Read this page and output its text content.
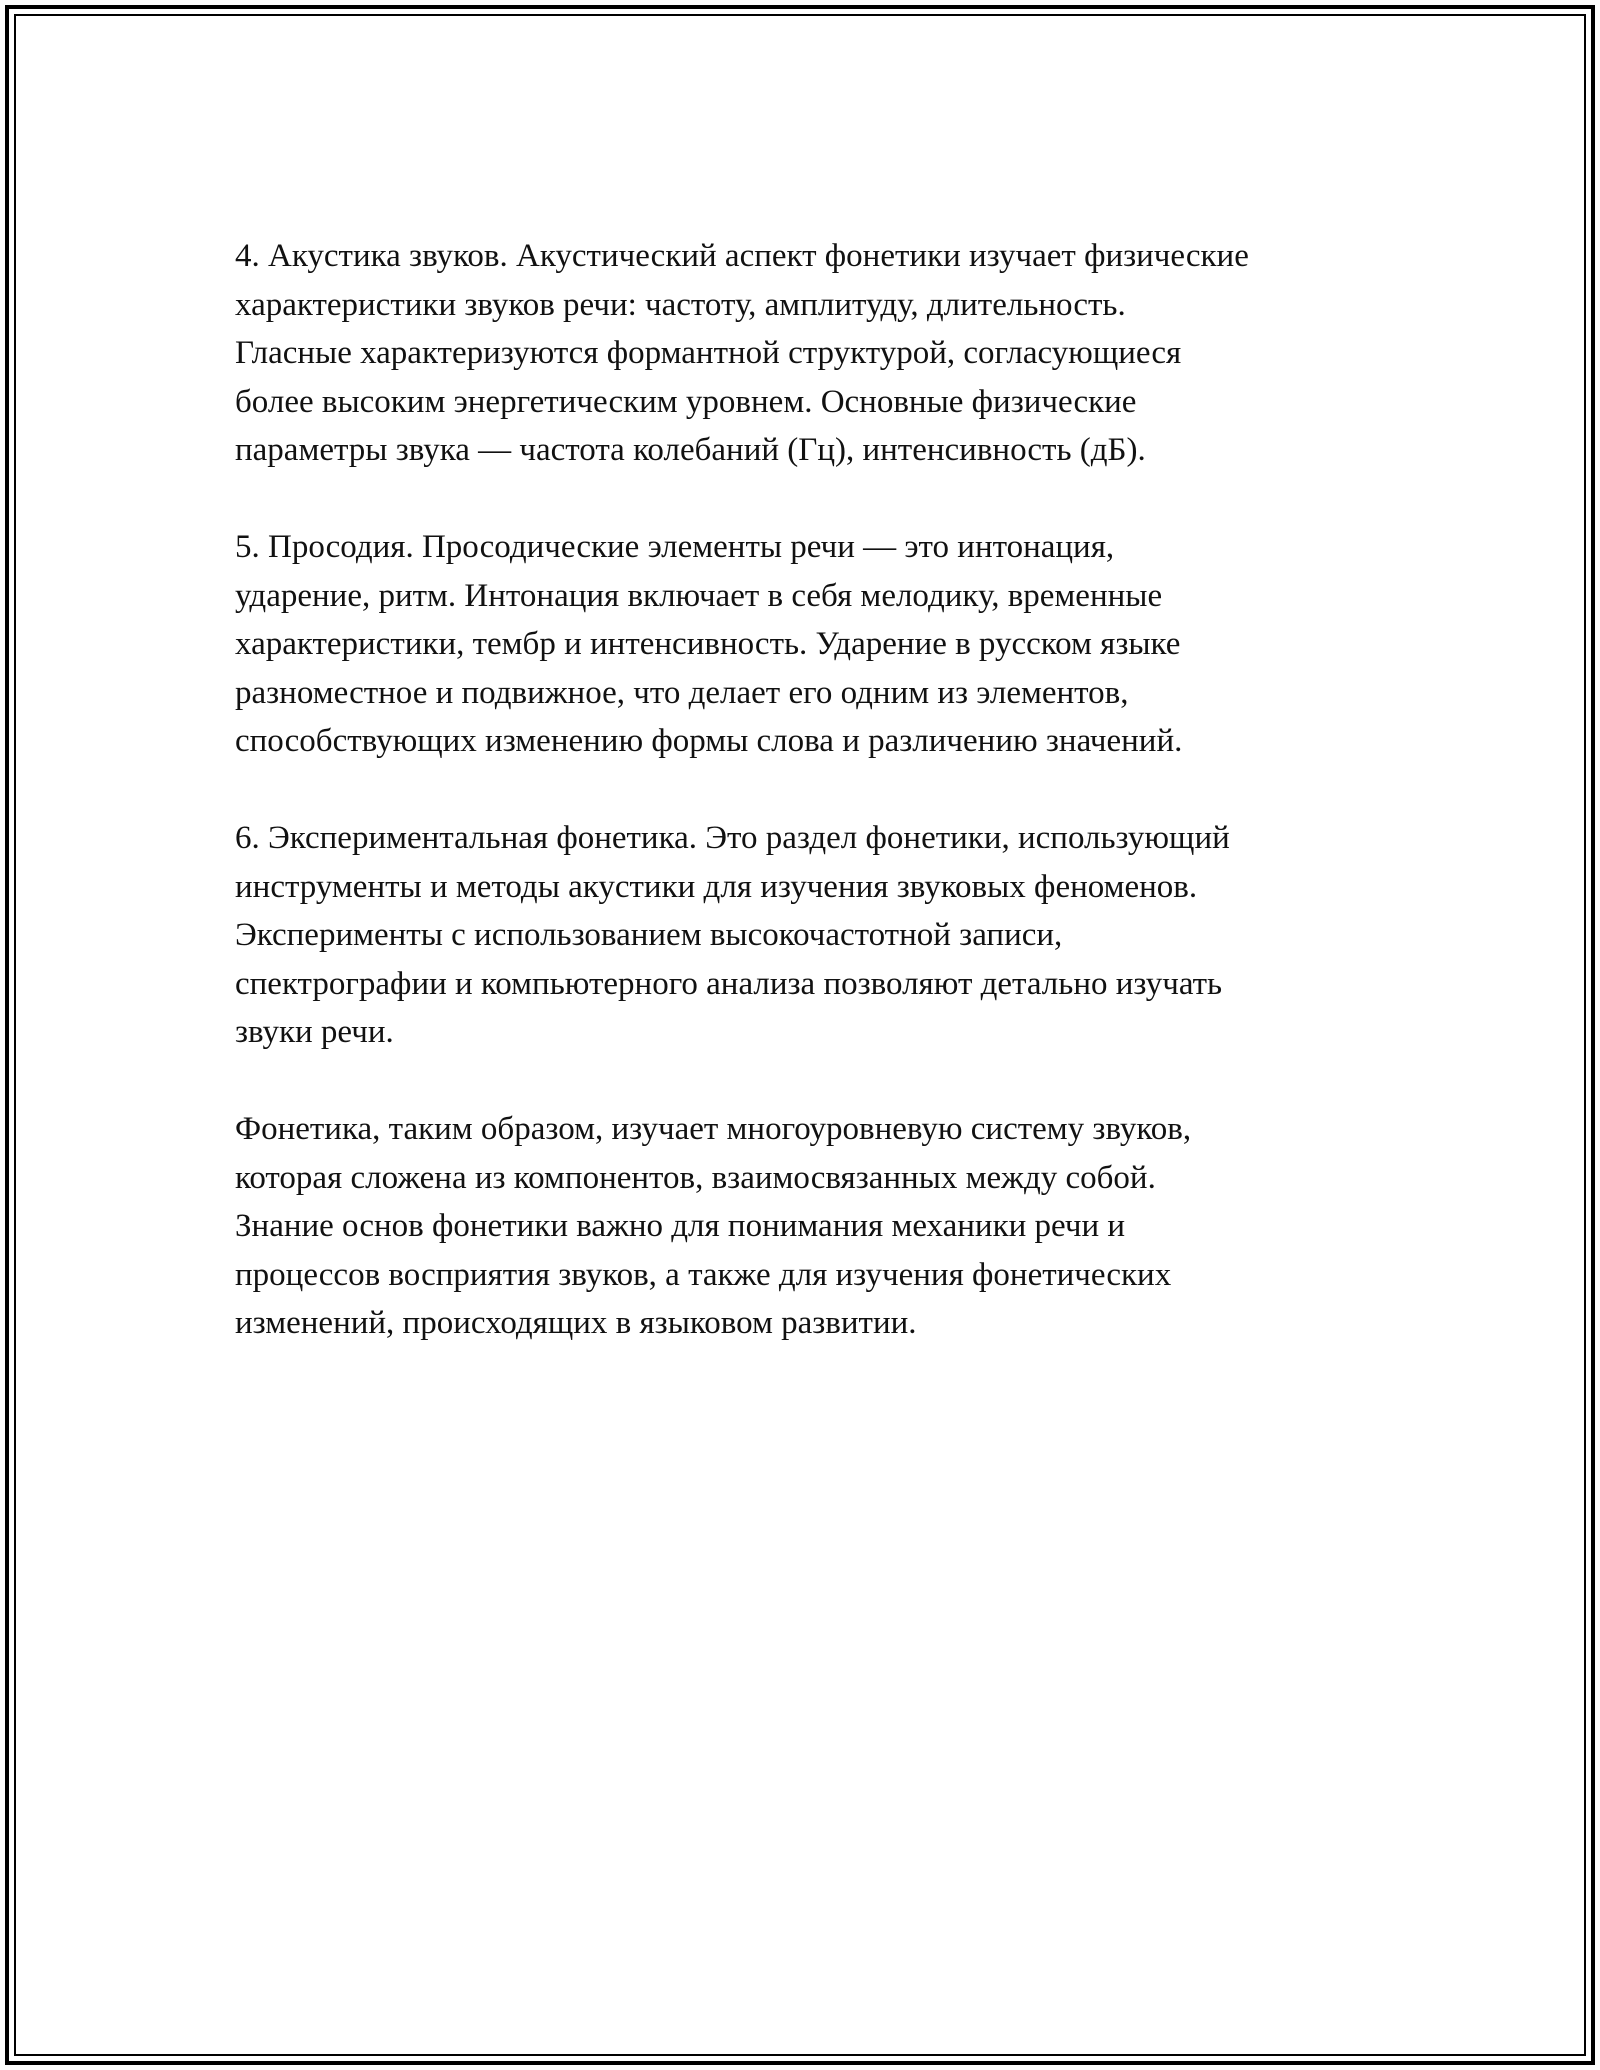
4. Акустика звуков. Акустический аспект фонетики изучает физические
характеристики звуков речи: частоту, амплитуду, длительность.
Гласные характеризуются формантной структурой, согласующиеся
более высоким энергетическим уровнем. Основные физические
параметры звука — частота колебаний (Гц), интенсивность (дБ).

5. Просодия. Просодические элементы речи — это интонация,
ударение, ритм. Интонация включает в себя мелодику, временные
характеристики, тембр и интенсивность. Ударение в русском языке
разноместное и подвижное, что делает его одним из элементов,
способствующих изменению формы слова и различению значений.

6. Экспериментальная фонетика. Это раздел фонетики, использующий
инструменты и методы акустики для изучения звуковых феноменов.
Эксперименты с использованием высокочастотной записи,
спектрографии и компьютерного анализа позволяют детально изучать
звуки речи.

Фонетика, таким образом, изучает многоуровневую систему звуков,
которая сложена из компонентов, взаимосвязанных между собой.
Знание основ фонетики важно для понимания механики речи и
процессов восприятия звуков, а также для изучения фонетических
изменений, происходящих в языковом развитии.
